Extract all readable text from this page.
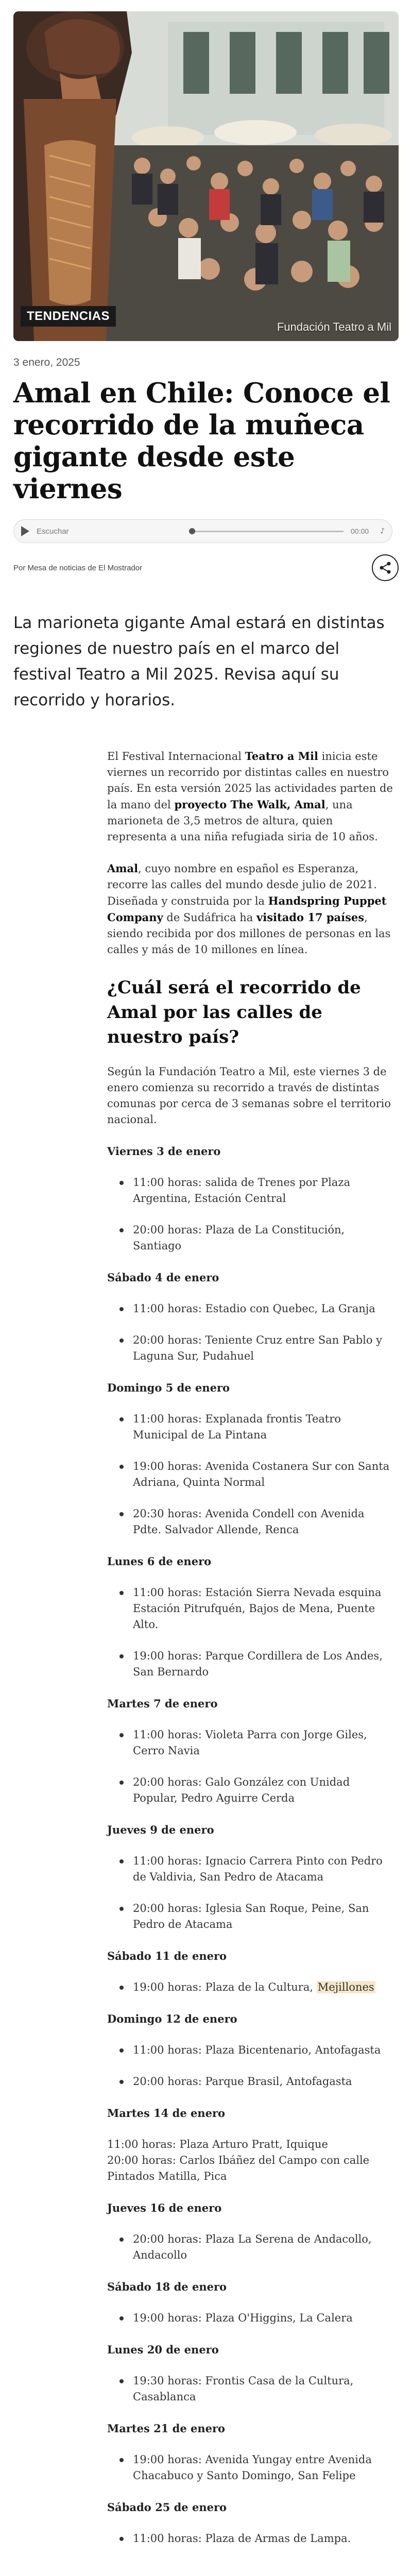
TENDENCIAS
Fundación Teatro a Mil
3 enero, 2025
Amal en Chile: Conoce el recorrido de la muñeca gigante desde este viernes
Escuchar	00:00 ♪
Por Mesa de noticias de El Mostrador

La marioneta gigante Amal estará en distintas regiones de nuestro país en el marco del festival Teatro a Mil 2025. Revisa aquí su recorrido y horarios.

El Festival Internacional Teatro a Mil inicia este viernes un recorrido por distintas calles en nuestro país. En esta versión 2025 las actividades parten de la mano del proyecto The Walk, Amal, una marioneta de 3,5 metros de altura, quien representa a una niña refugiada siria de 10 años.

Amal, cuyo nombre en español es Esperanza, recorre las calles del mundo desde julio de 2021. Diseñada y construida por la Handspring Puppet Company de Sudáfrica ha visitado 17 países, siendo recibida por dos millones de personas en las calles y más de 10 millones en línea.

¿Cuál será el recorrido de Amal por las calles de nuestro país?

Según la Fundación Teatro a Mil, este viernes 3 de enero comienza su recorrido a través de distintas comunas por cerca de 3 semanas sobre el territorio nacional.

Viernes 3 de enero

11:00 horas: salida de Trenes por Plaza Argentina, Estación Central
20:00 horas: Plaza de La Constitución, Santiago

Sábado 4 de enero

11:00 horas: Estadio con Quebec, La Granja
20:00 horas: Teniente Cruz entre San Pablo y Laguna Sur, Pudahuel

Domingo 5 de enero

11:00 horas: Explanada frontis Teatro Municipal de La Pintana
19:00 horas: Avenida Costanera Sur con Santa Adriana, Quinta Normal
20:30 horas: Avenida Condell con Avenida Pdte. Salvador Allende, Renca

Lunes 6 de enero

11:00 horas: Estación Sierra Nevada esquina Estación Pitrufquén, Bajos de Mena, Puente Alto.
19:00 horas: Parque Cordillera de Los Andes, San Bernardo

Martes 7 de enero

11:00 horas: Violeta Parra con Jorge Giles, Cerro Navia
20:00 horas: Galo González con Unidad Popular, Pedro Aguirre Cerda

Jueves 9 de enero

11:00 horas: Ignacio Carrera Pinto con Pedro de Valdivia, San Pedro de Atacama
20:00 horas: Iglesia San Roque, Peine, San Pedro de Atacama

Sábado 11 de enero

19:00 horas: Plaza de la Cultura, Mejillones

Domingo 12 de enero

11:00 horas: Plaza Bicentenario, Antofagasta
20:00 horas: Parque Brasil, Antofagasta

Martes 14 de enero

11:00 horas: Plaza Arturo Pratt, Iquique
20:00 horas: Carlos Ibáñez del Campo con calle Pintados Matilla, Pica

Jueves 16 de enero

20:00 horas: Plaza La Serena de Andacollo, Andacollo

Sábado 18 de enero

19:00 horas: Plaza O'Higgins, La Calera

Lunes 20 de enero

19:30 horas: Frontis Casa de la Cultura, Casablanca

Martes 21 de enero

19:00 horas: Avenida Yungay entre Avenida Chacabuco y Santo Domingo, San Felipe

Sábado 25 de enero

11:00 horas: Plaza de Armas de Lampa.
